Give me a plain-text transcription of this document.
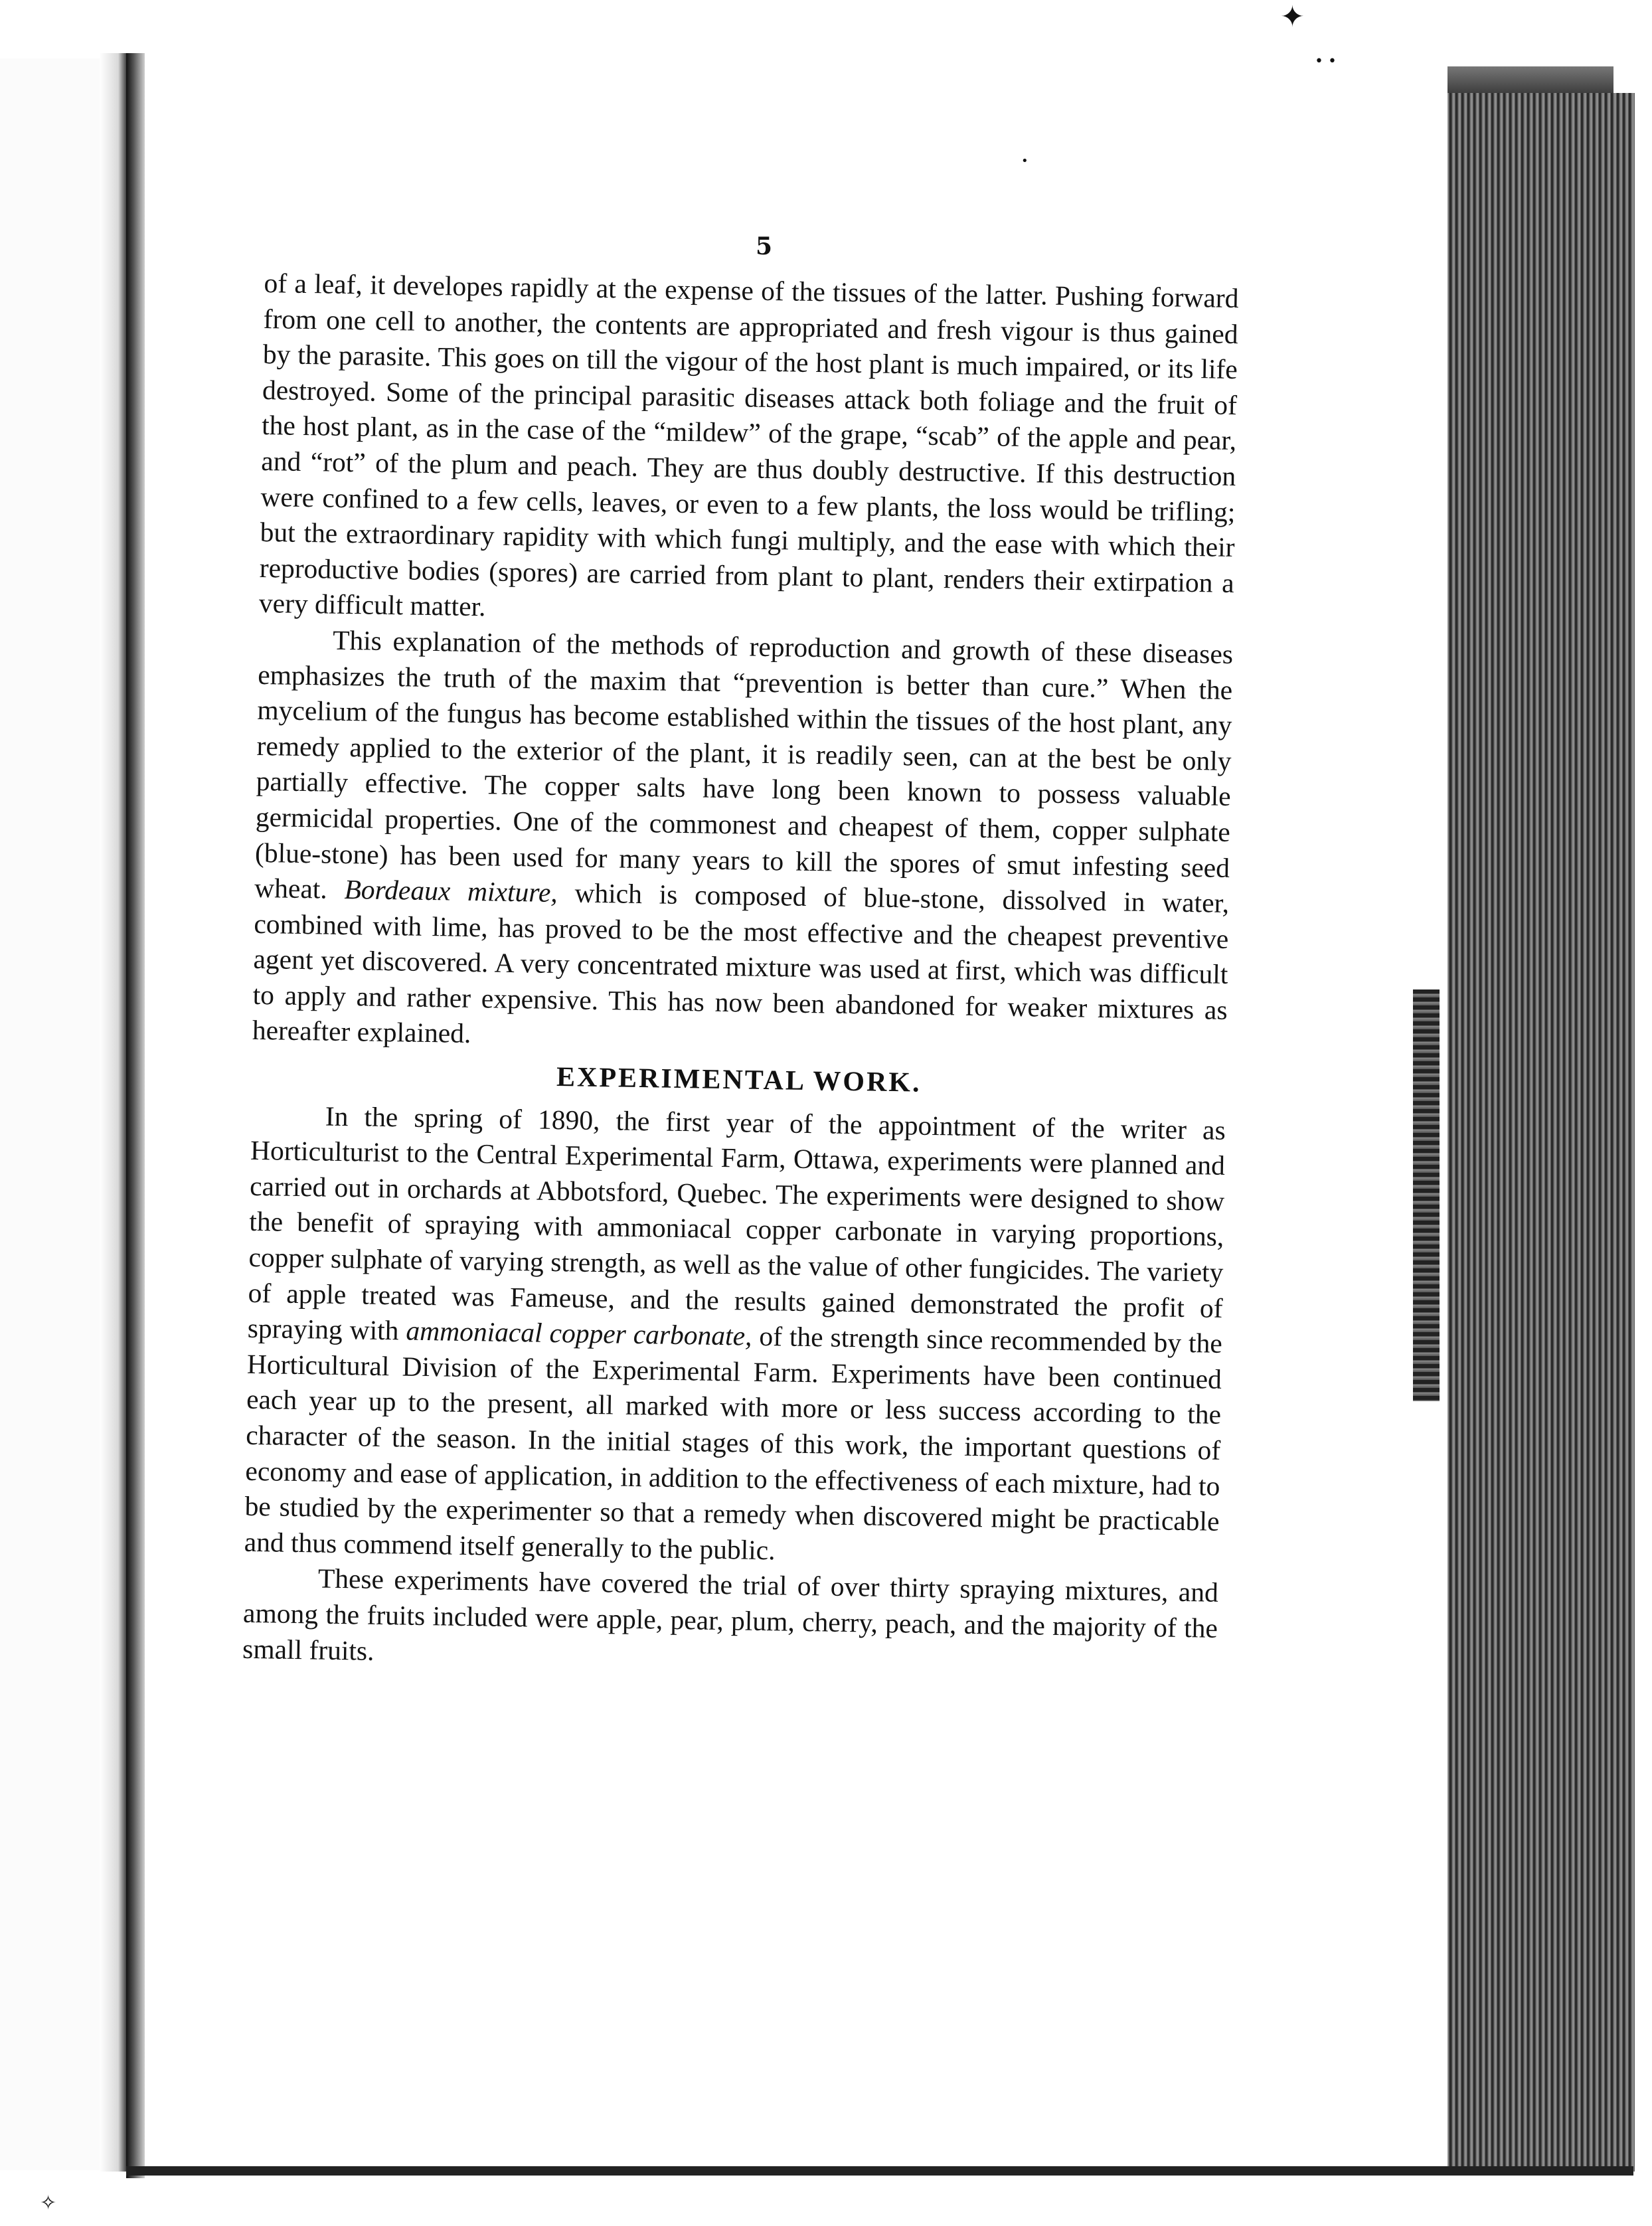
✦
• •
•
✧
5

of a leaf, it developes rapidly at the expense of the tissues of the latter. Pushing forward from one cell to another, the contents are appropriated and fresh vigour is thus gained by the parasite. This goes on till the vigour of the host plant is much impaired, or its life destroyed. Some of the principal parasitic diseases attack both foliage and the fruit of the host plant, as in the case of the “mildew” of the grape, “scab” of the apple and pear, and “rot” of the plum and peach. They are thus doubly destructive. If this destruction were confined to a few cells, leaves, or even to a few plants, the loss would be trifling; but the extraordinary rapidity with which fungi multiply, and the ease with which their reproductive bodies (spores) are carried from plant to plant, renders their extirpation a very difficult matter.

This explanation of the methods of reproduction and growth of these diseases emphasizes the truth of the maxim that “prevention is better than cure.” When the mycelium of the fungus has become established within the tissues of the host plant, any remedy applied to the exterior of the plant, it is readily seen, can at the best be only partially effective. The copper salts have long been known to possess valuable germicidal properties. One of the commonest and cheapest of them, copper sulphate (blue-stone) has been used for many years to kill the spores of smut infesting seed wheat. Bordeaux mixture, which is composed of blue-stone, dissolved in water, combined with lime, has proved to be the most effective and the cheapest preventive agent yet discovered. A very concentrated mixture was used at first, which was difficult to apply and rather expensive. This has now been abandoned for weaker mixtures as hereafter explained.

EXPERIMENTAL WORK.

In the spring of 1890, the first year of the appointment of the writer as Horticulturist to the Central Experimental Farm, Ottawa, experiments were planned and carried out in orchards at Abbotsford, Quebec. The experiments were designed to show the benefit of spraying with ammoniacal copper carbonate in varying proportions, copper sulphate of varying strength, as well as the value of other fungicides. The variety of apple treated was Fameuse, and the results gained demonstrated the profit of spraying with ammoniacal copper carbonate, of the strength since recommended by the Horticultural Division of the Experimental Farm. Experiments have been continued each year up to the present, all marked with more or less success according to the character of the season. In the initial stages of this work, the important questions of economy and ease of application, in addition to the effectiveness of each mixture, had to be studied by the experimenter so that a remedy when discovered might be practicable and thus commend itself generally to the public.

These experiments have covered the trial of over thirty spraying mixtures, and among the fruits included were apple, pear, plum, cherry, peach, and the majority of the small fruits.
